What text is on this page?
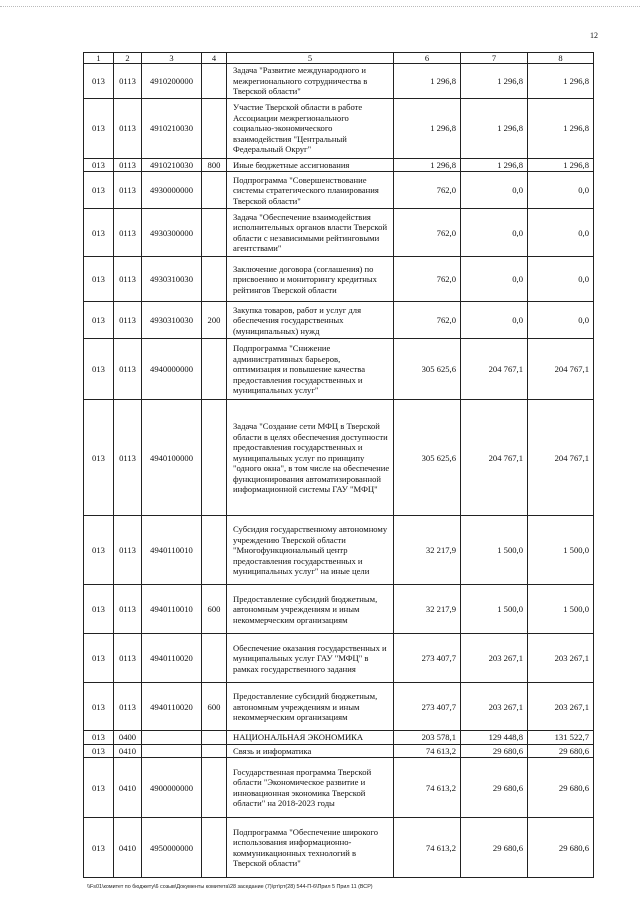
12
1	2	3	4	5	6	7	8
013	0113	4910200000		Задача "Развитие международного и межрегионального сотрудничества в Тверской области"	1 296,8	1 296,8	1 296,8
013	0113	4910210030		Участие Тверской области в работе Ассоциации межрегионального социально-экономического взаимодействия "Центральный Федеральный Округ"	1 296,8	1 296,8	1 296,8
013	0113	4910210030	800	Иные бюджетные ассигнования	1 296,8	1 296,8	1 296,8
013	0113	4930000000		Подпрограмма "Совершенствование системы стратегического планирования Тверской области"	762,0	0,0	0,0
013	0113	4930300000		Задача "Обеспечение взаимодействия исполнительных органов власти Тверской области с независимыми рейтинговыми агентствами"	762,0	0,0	0,0
013	0113	4930310030		Заключение договора (соглашения) по присвоению и мониторингу кредитных рейтингов Тверской области	762,0	0,0	0,0
013	0113	4930310030	200	Закупка товаров, работ и услуг для обеспечения государственных (муниципальных) нужд	762,0	0,0	0,0
013	0113	4940000000		Подпрограмма "Снижение административных барьеров, оптимизация и повышение качества предоставления государственных и муниципальных услуг"	305 625,6	204 767,1	204 767,1
013	0113	4940100000		Задача "Создание сети МФЦ в Тверской области в целях обеспечения доступности предоставления государственных и муниципальных услуг по принципу "одного окна", в том числе на обеспечение функционирования автоматизированной информационной системы ГАУ "МФЦ"	305 625,6	204 767,1	204 767,1
013	0113	4940110010		Субсидия государственному автономному учреждению Тверской области "Многофункциональный центр предоставления государственных и муниципальных услуг" на иные цели	32 217,9	1 500,0	1 500,0
013	0113	4940110010	600	Предоставление субсидий бюджетным, автономным учреждениям и иным некоммерческим организациям	32 217,9	1 500,0	1 500,0
013	0113	4940110020		Обеспечение оказания государственных и муниципальных услуг ГАУ "МФЦ" в рамках государственного задания	273 407,7	203 267,1	203 267,1
013	0113	4940110020	600	Предоставление субсидий бюджетным, автономным учреждениям и иным некоммерческим организациям	273 407,7	203 267,1	203 267,1
013	0400			НАЦИОНАЛЬНАЯ ЭКОНОМИКА	203 578,1	129 448,8	131 522,7
013	0410			Связь и информатика	74 613,2	29 680,6	29 680,6
013	0410	4900000000		Государственная программа Тверской области "Экономическое развитие и инновационная экономика Тверской области" на 2018-2023 годы	74 613,2	29 680,6	29 680,6
013	0410	4950000000		Подпрограмма "Обеспечение широкого использования информационно-коммуникационных технологий в Тверской области"	74 613,2	29 680,6	29 680,6
\\Fs01\комитет по бюджету\6 созыв\Документы комитета\28 заседание (7)\рт\рт(28) 544-П-6\Прил 5 Прил 11 (ВСР)
